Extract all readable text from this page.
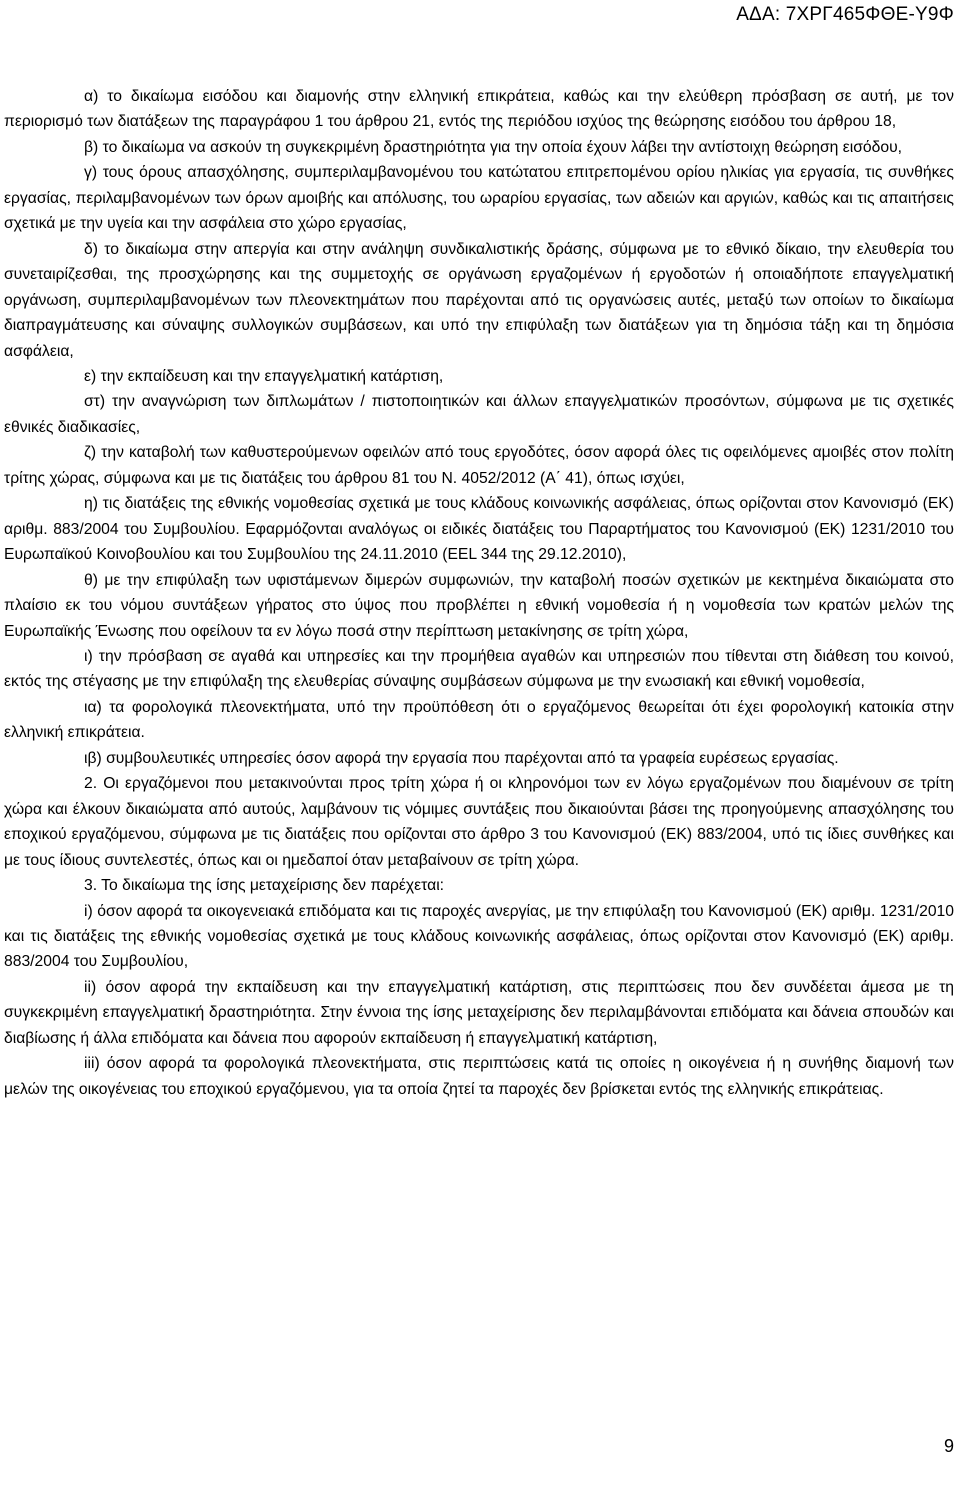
ΑΔΑ: 7ΧΡΓ465ΦΘΕ-Υ9Φ

α) το δικαίωμα εισόδου και διαμονής στην ελληνική επικράτεια, καθώς και την ελεύθερη πρόσβαση σε αυτή, με τον περιορισμό των διατάξεων της παραγράφου 1 του άρθρου 21, εντός της περιόδου ισχύος της θεώρησης εισόδου του άρθρου 18,

β) το δικαίωμα να ασκούν τη συγκεκριμένη δραστηριότητα για την οποία έχουν λάβει την αντίστοιχη θεώρηση εισόδου,

γ) τους όρους απασχόλησης, συμπεριλαμβανομένου του κατώτατου επιτρεπομένου ορίου ηλικίας για εργασία, τις συνθήκες εργασίας, περιλαμβανομένων των όρων αμοιβής και απόλυσης, του ωραρίου εργασίας, των αδειών και αργιών, καθώς και τις απαιτήσεις σχετικά με την υγεία και την ασφάλεια στο χώρο εργασίας,

δ) το δικαίωμα στην απεργία και στην ανάληψη συνδικαλιστικής δράσης, σύμφωνα με το εθνικό δίκαιο, την ελευθερία του συνεταιρίζεσθαι, της προσχώρησης και της συμμετοχής σε οργάνωση εργαζομένων ή εργοδοτών ή οποιαδήποτε επαγγελματική οργάνωση, συμπεριλαμβανομένων των πλεονεκτημάτων που παρέχονται από τις οργανώσεις αυτές, μεταξύ των οποίων το δικαίωμα διαπραγμάτευσης και σύναψης συλλογικών συμβάσεων, και υπό την επιφύλαξη των διατάξεων για τη δημόσια τάξη και τη δημόσια ασφάλεια,

ε) την εκπαίδευση και την επαγγελματική κατάρτιση,

στ) την αναγνώριση των διπλωμάτων / πιστοποιητικών και άλλων επαγγελματικών προσόντων, σύμφωνα με τις σχετικές εθνικές διαδικασίες,

ζ) την καταβολή των καθυστερούμενων οφειλών από τους εργοδότες, όσον αφορά όλες τις οφειλόμενες αμοιβές στον πολίτη τρίτης χώρας, σύμφωνα και με τις διατάξεις του άρθρου 81 του Ν. 4052/2012 (Α΄ 41), όπως ισχύει,

η) τις διατάξεις της εθνικής νομοθεσίας σχετικά με τους κλάδους κοινωνικής ασφάλειας, όπως ορίζονται στον Κανονισμό (ΕΚ) αριθμ. 883/2004 του Συμβουλίου. Εφαρμόζονται αναλόγως οι ειδικές διατάξεις του Παραρτήματος του Κανονισμού (ΕΚ) 1231/2010 του Ευρωπαϊκού Κοινοβουλίου και του Συμβουλίου της 24.11.2010 (ΕΕL 344 της 29.12.2010),

θ) με την επιφύλαξη των υφιστάμενων διμερών συμφωνιών, την καταβολή ποσών σχετικών με κεκτημένα δικαιώματα στο πλαίσιο εκ του νόμου συντάξεων γήρατος στο ύψος που προβλέπει η εθνική νομοθεσία ή η νομοθεσία των κρατών μελών της Ευρωπαϊκής Ένωσης που οφείλουν τα εν λόγω ποσά στην περίπτωση μετακίνησης σε τρίτη χώρα,

ι) την πρόσβαση σε αγαθά και υπηρεσίες και την προμήθεια αγαθών και υπηρεσιών που τίθενται στη διάθεση του κοινού, εκτός της στέγασης με την επιφύλαξη της ελευθερίας σύναψης συμβάσεων σύμφωνα με την ενωσιακή και εθνική νομοθεσία,

ια) τα φορολογικά πλεονεκτήματα, υπό την προϋπόθεση ότι ο εργαζόμενος θεωρείται ότι έχει φορολογική κατοικία στην ελληνική επικράτεια.

ιβ) συμβουλευτικές υπηρεσίες όσον αφορά την εργασία που παρέχονται από τα γραφεία ευρέσεως εργασίας.

2. Οι εργαζόμενοι που μετακινούνται προς τρίτη χώρα ή οι κληρονόμοι των εν λόγω εργαζομένων που διαμένουν σε τρίτη χώρα και έλκουν δικαιώματα από αυτούς, λαμβάνουν τις νόμιμες συντάξεις που δικαιούνται βάσει της προηγούμενης απασχόλησης του εποχικού εργαζόμενου, σύμφωνα με τις διατάξεις που ορίζονται στο άρθρο 3 του Κανονισμού (ΕΚ) 883/2004, υπό τις ίδιες συνθήκες και με τους ίδιους συντελεστές, όπως και οι ημεδαποί όταν μεταβαίνουν σε τρίτη χώρα.

3. Το δικαίωμα της ίσης μεταχείρισης δεν παρέχεται:

i) όσον αφορά τα οικογενειακά επιδόματα και τις παροχές ανεργίας, με την επιφύλαξη του Κανονισμού (ΕΚ) αριθμ. 1231/2010 και τις διατάξεις της εθνικής νομοθεσίας σχετικά με τους κλάδους κοινωνικής ασφάλειας, όπως ορίζονται στον Κανονισμό (ΕΚ) αριθμ. 883/2004 του Συμβουλίου,

ii) όσον αφορά την εκπαίδευση και την επαγγελματική κατάρτιση, στις περιπτώσεις που δεν συνδέεται άμεσα με τη συγκεκριμένη επαγγελματική δραστηριότητα. Στην έννοια της ίσης μεταχείρισης δεν περιλαμβάνονται επιδόματα και δάνεια σπουδών και διαβίωσης ή άλλα επιδόματα και δάνεια που αφορούν εκπαίδευση ή επαγγελματική κατάρτιση,

iii) όσον αφορά τα φορολογικά πλεονεκτήματα, στις περιπτώσεις κατά τις οποίες η οικογένεια ή η συνήθης διαμονή των μελών της οικογένειας του εποχικού εργαζόμενου, για τα οποία ζητεί τα παροχές δεν βρίσκεται εντός της ελληνικής επικράτειας.

9
